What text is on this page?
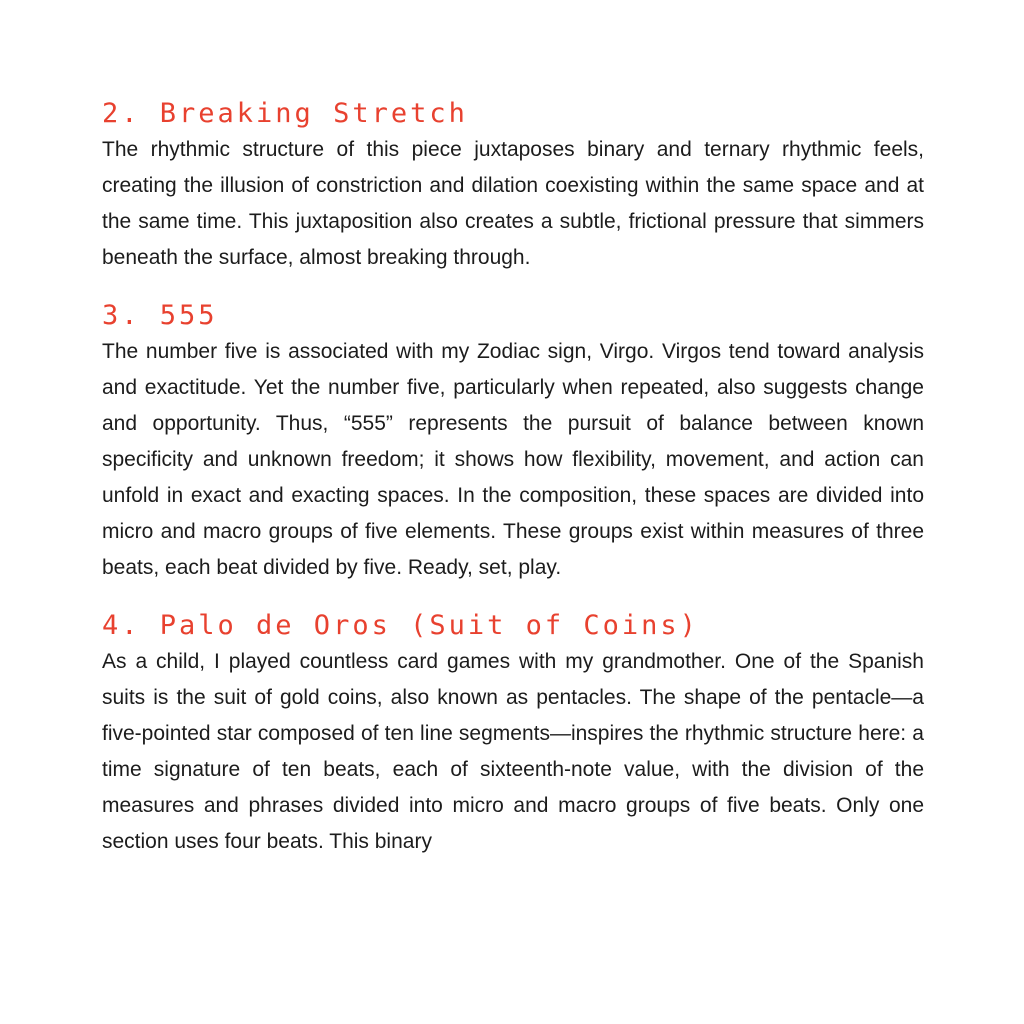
2. Breaking Stretch

The rhythmic structure of this piece juxtaposes binary and ternary rhythmic feels, creating the illusion of constriction and dilation coexisting within the same space and at the same time. This juxtaposition also creates a subtle, frictional pressure that simmers beneath the surface, almost breaking through.

3. 555

The number five is associated with my Zodiac sign, Virgo. Virgos tend toward analysis and exactitude. Yet the number five, particularly when repeated, also suggests change and opportunity. Thus, “555” represents the pursuit of balance between known specificity and unknown freedom; it shows how flexibility, movement, and action can unfold in exact and exacting spaces. In the composition, these spaces are divided into micro and macro groups of five elements. These groups exist within measures of three beats, each beat divided by five. Ready, set, play.

4. Palo de Oros (Suit of Coins)

As a child, I played countless card games with my grandmother. One of the Spanish suits is the suit of gold coins, also known as pentacles. The shape of the pentacle—a five-pointed star composed of ten line segments—inspires the rhythmic structure here: a time signature of ten beats, each of sixteenth-note value, with the division of the measures and phrases divided into micro and macro groups of five beats. Only one section uses four beats. This binary
